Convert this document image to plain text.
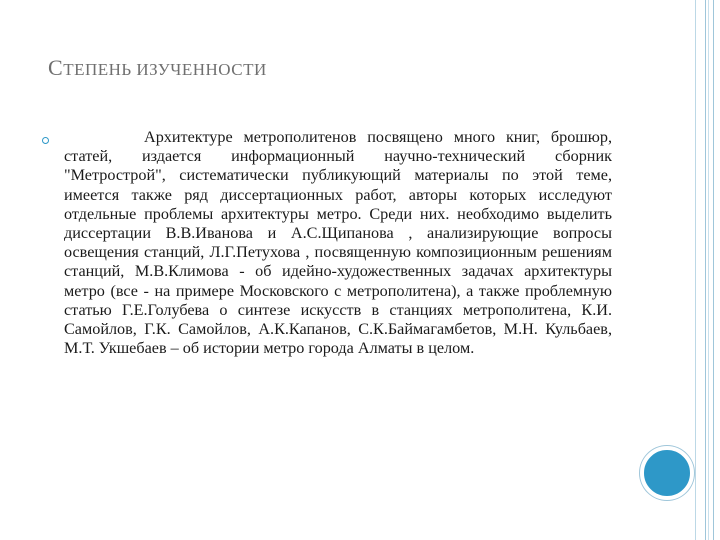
СТЕПЕНЬ ИЗУЧЕННОСТИ

Архитектуре метрополитенов посвящено много книг, брошюр, статей, издается информационный научно-технический сборник "Метрострой", систематически публикующий материалы по этой теме, имеется также ряд диссертационных работ, авторы которых исследуют отдельные проблемы архитектуры метро. Среди них. необходимо выделить диссертации В.В.Иванова и А.С.Щипанова , анализирующие вопросы освещения станций, Л.Г.Петухова , посвященную композиционным решениям станций, М.В.Климова - об идейно-художественных задачах архитектуры метро (все - на примере Московского с метрополитена), а также проблемную статью Г.Е.Голубева о синтезе искусств в станциях метрополитена, К.И. Самойлов, Г.К. Самойлов, А.К.Капанов, С.К.Баймагамбетов, М.Н. Кульбаев, М.Т. Укшебаев – об истории метро города Алматы в целом.
